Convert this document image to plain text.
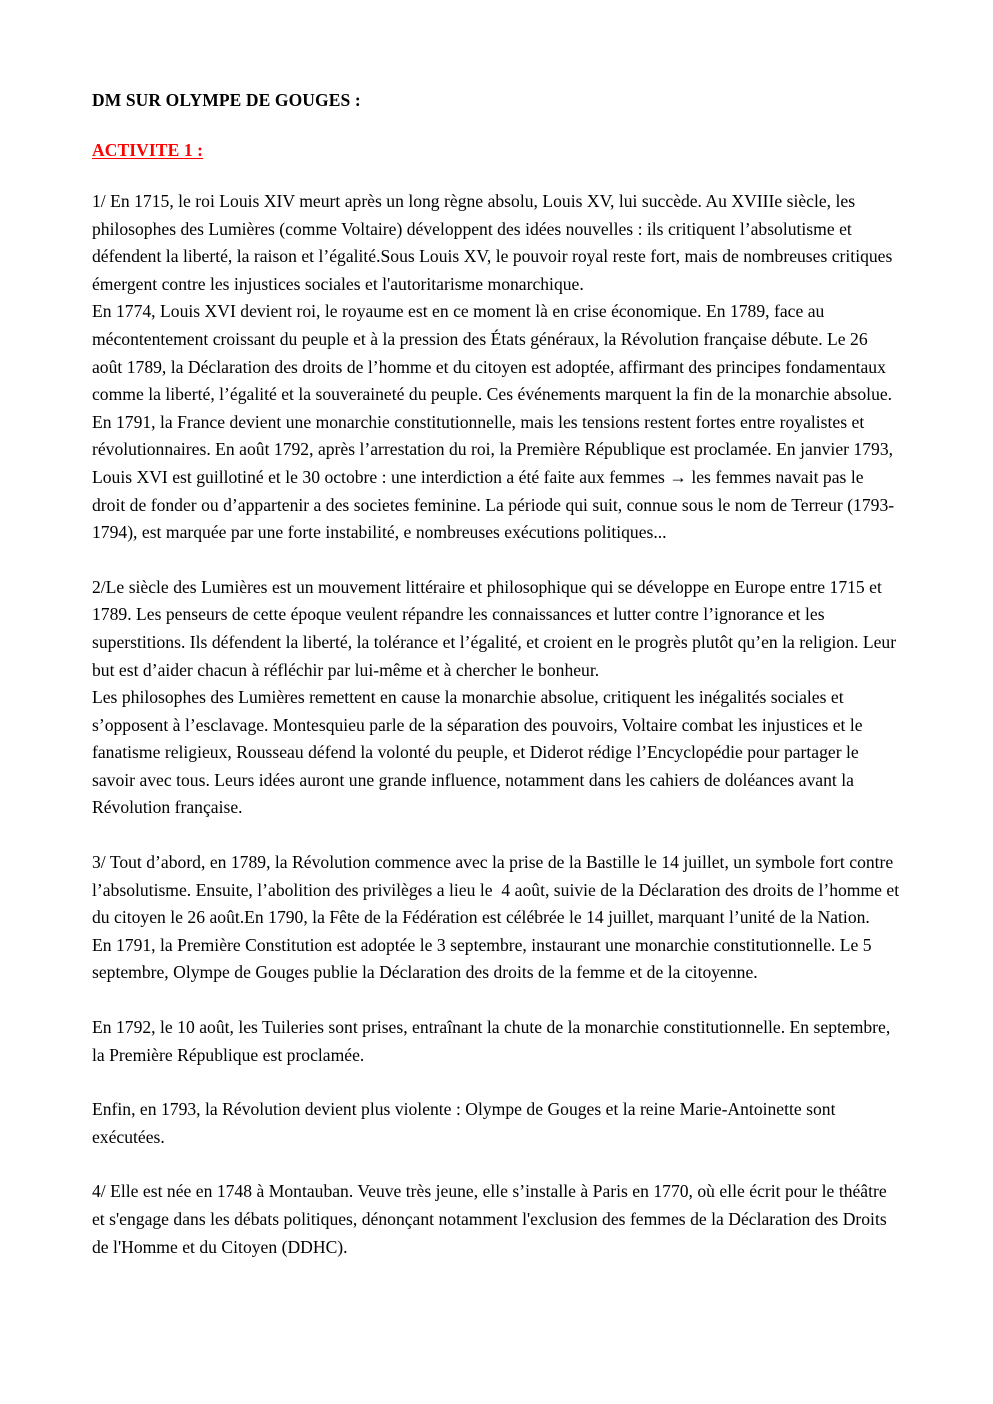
DM SUR OLYMPE DE GOUGES :
ACTIVITE 1 :

1/ En 1715, le roi Louis XIV meurt après un long règne absolu, Louis XV, lui succède. Au XVIIIe siècle, les philosophes des Lumières (comme Voltaire) développent des idées nouvelles : ils critiquent l’absolutisme et défendent la liberté, la raison et l’égalité.Sous Louis XV, le pouvoir royal reste fort, mais de nombreuses critiques émergent contre les injustices sociales et l'autoritarisme monarchique.

En 1774, Louis XVI devient roi, le royaume est en ce moment là en crise économique. En 1789, face au mécontentement croissant du peuple et à la pression des États généraux, la Révolution française débute. Le 26 août 1789, la Déclaration des droits de l’homme et du citoyen est adoptée, affirmant des principes fondamentaux comme la liberté, l’égalité et la souveraineté du peuple. Ces événements marquent la fin de la monarchie absolue. En 1791, la France devient une monarchie constitutionnelle, mais les tensions restent fortes entre royalistes et révolutionnaires. En août 1792, après l’arrestation du roi, la Première République est proclamée. En janvier 1793, Louis XVI est guillotiné et le 30 octobre : une interdiction a été faite aux femmes → les femmes navait pas le droit de fonder ou d’appartenir a des societes feminine. La période qui suit, connue sous le nom de Terreur (1793-1794), est marquée par une forte instabilité, e nombreuses exécutions politiques...

2/Le siècle des Lumières est un mouvement littéraire et philosophique qui se développe en Europe entre 1715 et 1789. Les penseurs de cette époque veulent répandre les connaissances et lutter contre l’ignorance et les superstitions. Ils défendent la liberté, la tolérance et l’égalité, et croient en le progrès plutôt qu’en la religion. Leur but est d’aider chacun à réfléchir par lui-même et à chercher le bonheur.

Les philosophes des Lumières remettent en cause la monarchie absolue, critiquent les inégalités sociales et s’opposent à l’esclavage. Montesquieu parle de la séparation des pouvoirs, Voltaire combat les injustices et le fanatisme religieux, Rousseau défend la volonté du peuple, et Diderot rédige l’Encyclopédie pour partager le savoir avec tous. Leurs idées auront une grande influence, notamment dans les cahiers de doléances avant la Révolution française.

3/ Tout d’abord, en 1789, la Révolution commence avec la prise de la Bastille le 14 juillet, un symbole fort contre l’absolutisme. Ensuite, l’abolition des privilèges a lieu le  4 août, suivie de la Déclaration des droits de l’homme et du citoyen le 26 août.En 1790, la Fête de la Fédération est célébrée le 14 juillet, marquant l’unité de la Nation.

En 1791, la Première Constitution est adoptée le 3 septembre, instaurant une monarchie constitutionnelle. Le 5 septembre, Olympe de Gouges publie la Déclaration des droits de la femme et de la citoyenne.

En 1792, le 10 août, les Tuileries sont prises, entraînant la chute de la monarchie constitutionnelle. En septembre, la Première République est proclamée.

Enfin, en 1793, la Révolution devient plus violente : Olympe de Gouges et la reine Marie-Antoinette sont exécutées.

4/ Elle est née en 1748 à Montauban. Veuve très jeune, elle s’installe à Paris en 1770, où elle écrit pour le théâtre et s'engage dans les débats politiques, dénonçant notamment l'exclusion des femmes de la Déclaration des Droits de l'Homme et du Citoyen (DDHC).
